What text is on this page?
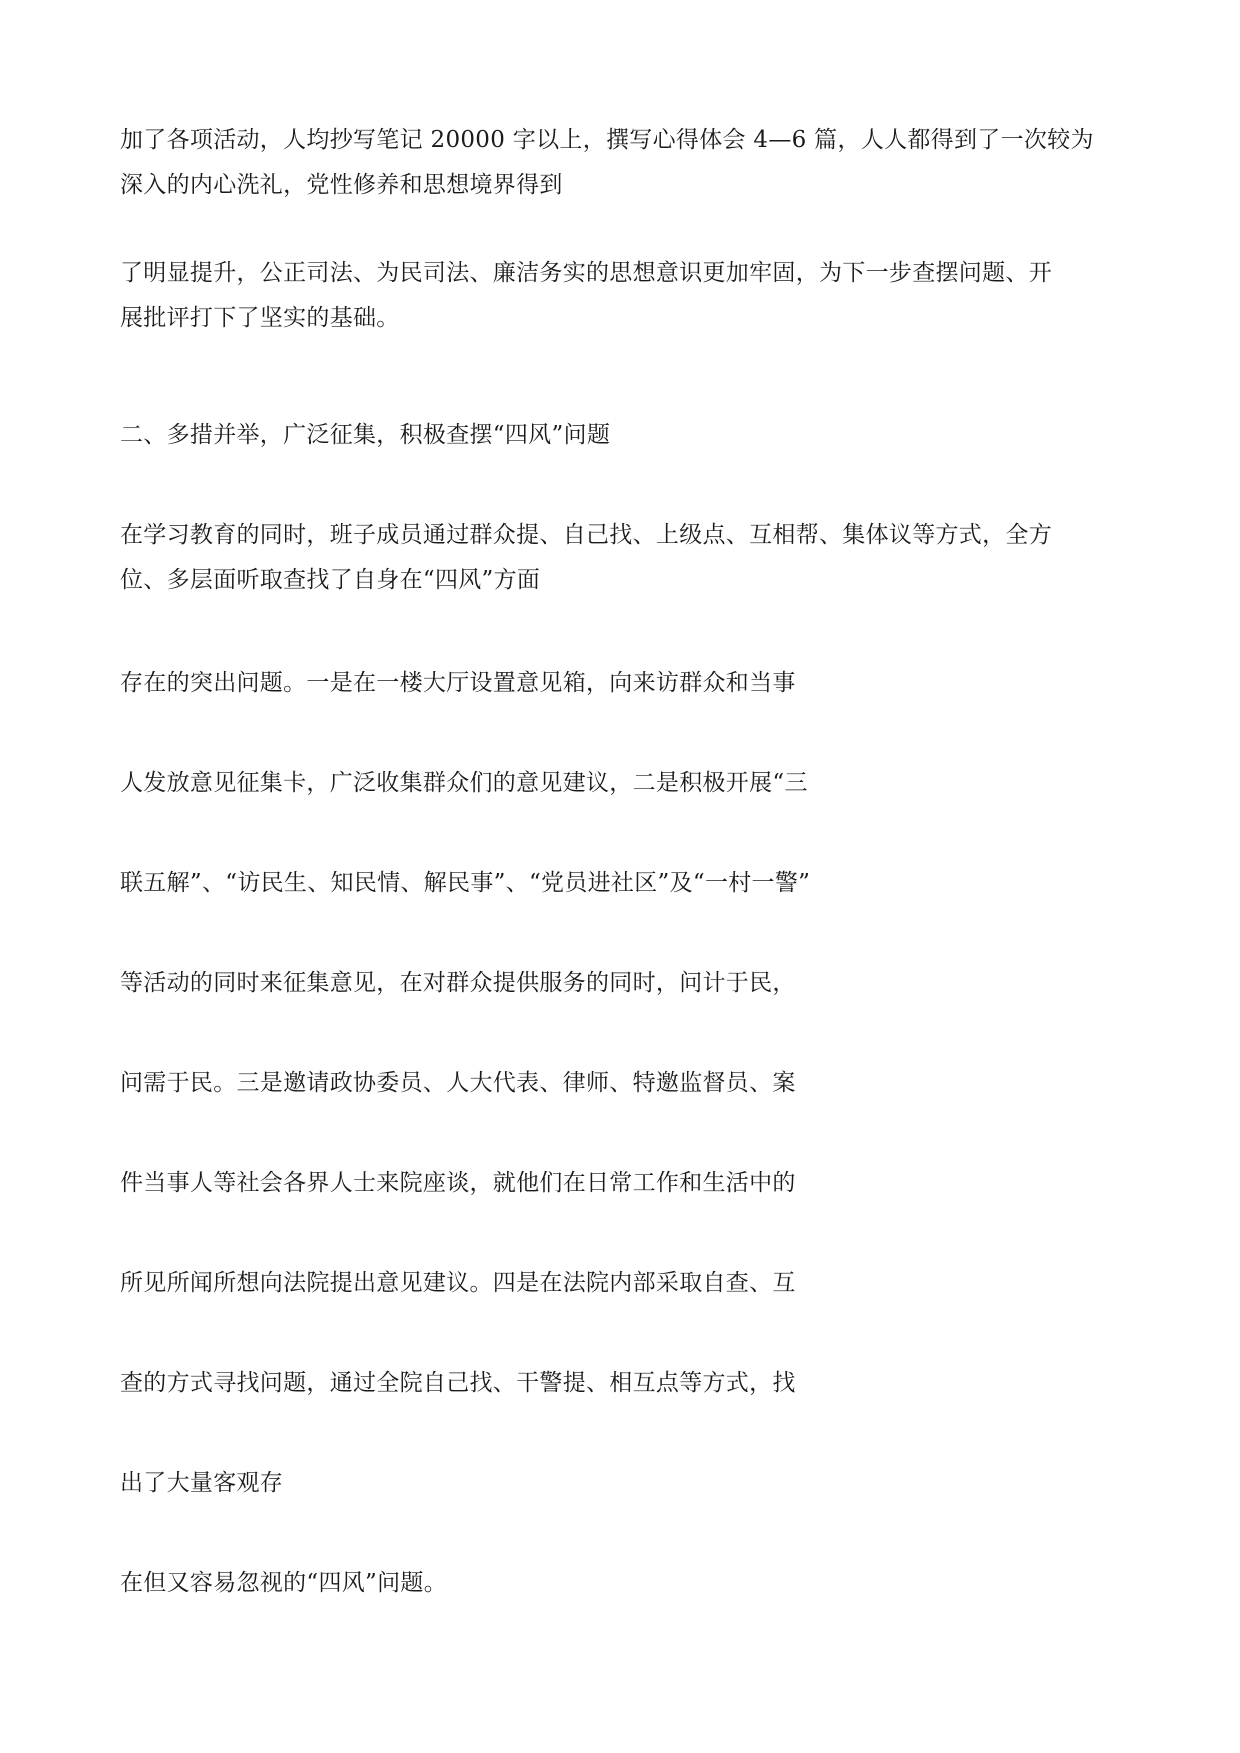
加了各项活动，人均抄写笔记 20000 字以上，撰写心得体会 4—6 篇，人人都得到了一次较为
深入的内心洗礼，党性修养和思想境界得到
了明显提升，公正司法、为民司法、廉洁务实的思想意识更加牢固，为下一步查摆问题、开
展批评打下了坚实的基础。
二、多措并举，广泛征集，积极查摆“四风”问题
在学习教育的同时，班子成员通过群众提、自己找、上级点、互相帮、集体议等方式，全方
位、多层面听取查找了自身在“四风”方面
存在的突出问题。一是在一楼大厅设置意见箱，向来访群众和当事
人发放意见征集卡，广泛收集群众们的意见建议，二是积极开展“三
联五解”、“访民生、知民情、解民事”、“党员进社区”及“一村一警”
等活动的同时来征集意见，在对群众提供服务的同时，问计于民，
问需于民。三是邀请政协委员、人大代表、律师、特邀监督员、案
件当事人等社会各界人士来院座谈，就他们在日常工作和生活中的
所见所闻所想向法院提出意见建议。四是在法院内部采取自查、互
查的方式寻找问题，通过全院自己找、干警提、相互点等方式，找
出了大量客观存
在但又容易忽视的“四风”问题。
